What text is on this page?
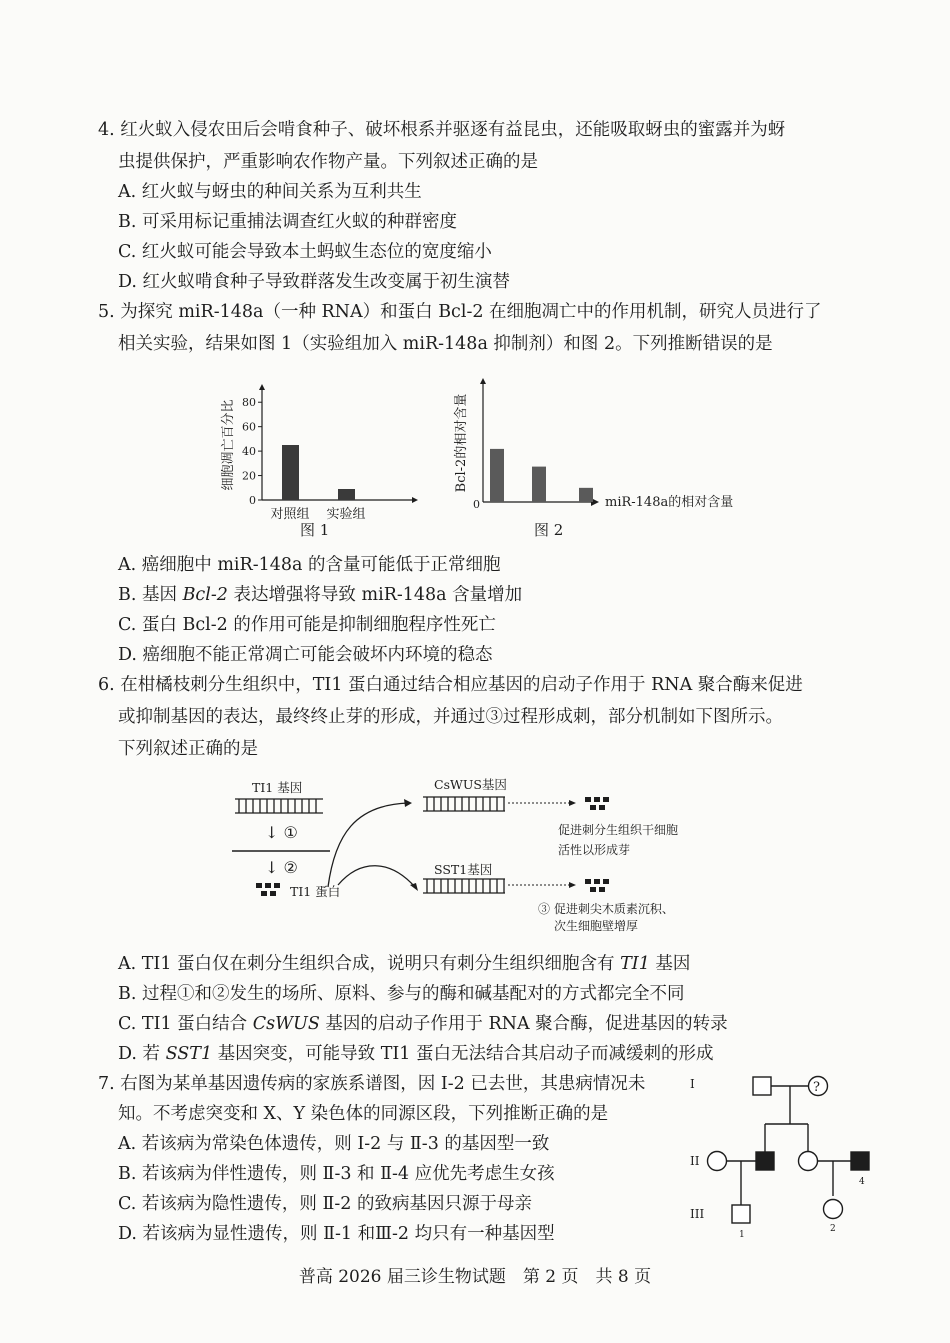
4. 红火蚁入侵农田后会啃食种子、破坏根系并驱逐有益昆虫，还能吸取蚜虫的蜜露并为蚜
虫提供保护，严重影响农作物产量。下列叙述正确的是
A. 红火蚁与蚜虫的种间关系为互利共生
B. 可采用标记重捕法调查红火蚁的种群密度
C. 红火蚁可能会导致本土蚂蚁生态位的宽度缩小
D. 红火蚁啃食种子导致群落发生改变属于初生演替
5. 为探究 miR-148a（一种 RNA）和蛋白 Bcl-2 在细胞凋亡中的作用机制，研究人员进行了
相关实验，结果如图 1（实验组加入 miR-148a 抑制剂）和图 2。下列推断错误的是
0
20
40
60
80
对照组 实验组
细胞凋亡百分比
0	miR-148a的相对含量
Bcl-2的相对含量
图 1	图 2
A. 癌细胞中 miR-148a 的含量可能低于正常细胞
B. 基因 Bcl-2 表达增强将导致 miR-148a 含量增加
C. 蛋白 Bcl-2 的作用可能是抑制细胞程序性死亡
D. 癌细胞不能正常凋亡可能会破坏内环境的稳态
6. 在柑橘枝刺分生组织中，TI1 蛋白通过结合相应基因的启动子作用于 RNA 聚合酶来促进
或抑制基因的表达，最终终止芽的形成，并通过③过程形成刺，部分机制如下图所示。
下列叙述正确的是
TI1 基因
↓ ①
↓ ②
TI1 蛋白
CsWUS基因
促进刺分生组织干细胞
活性以形成芽
SST1基因
③ 促进刺尖木质素沉积、
次生细胞壁增厚
A. TI1 蛋白仅在刺分生组织合成，说明只有刺分生组织细胞含有 TI1 基因
B. 过程①和②发生的场所、原料、参与的酶和碱基配对的方式都完全不同
C. TI1 蛋白结合 CsWUS 基因的启动子作用于 RNA 聚合酶，促进基因的转录
D. 若 SST1 基因突变，可能导致 TI1 蛋白无法结合其启动子而减缓刺的形成
7. 右图为某单基因遗传病的家族系谱图，因 Ⅰ-2 已去世，其患病情况未
知。不考虑突变和 X、Y 染色体的同源区段，下列推断正确的是
A. 若该病为常染色体遗传，则 Ⅰ-2 与 Ⅱ-3 的基因型一致
B. 若该病为伴性遗传，则 Ⅱ-3 和 Ⅱ-4 应优先考虑生女孩
C. 若该病为隐性遗传，则 Ⅱ-2 的致病基因只源于母亲
D. 若该病为显性遗传，则 Ⅱ-1 和Ⅲ-2 均只有一种基因型
I
II
III
?
4
1
2
普高 2026 届三诊生物试题　第 2 页　共 8 页
